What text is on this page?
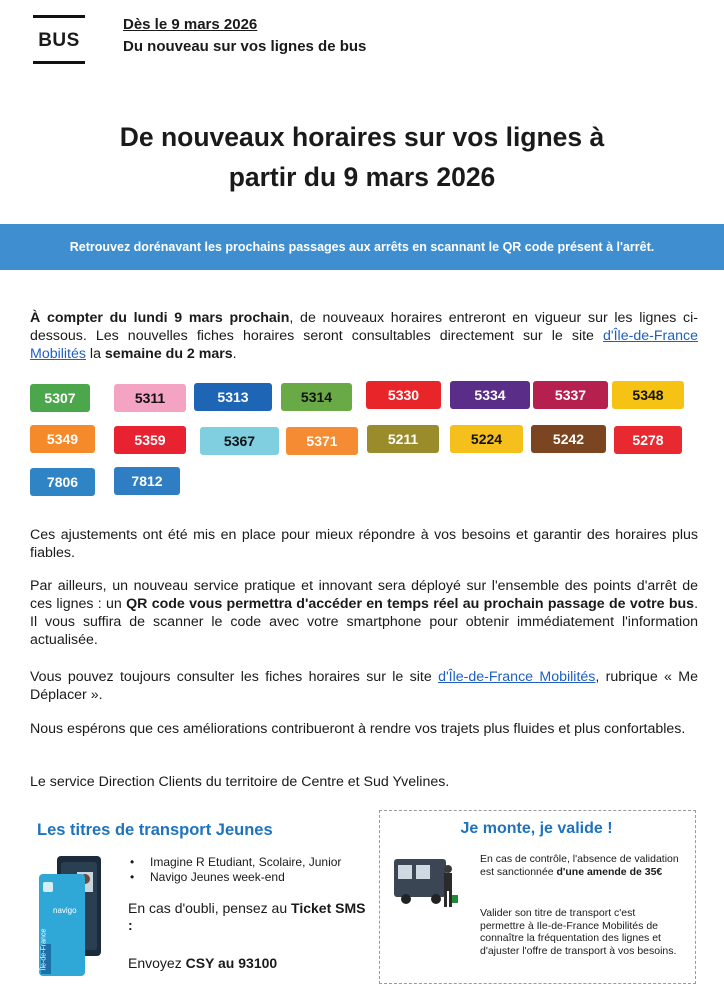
BUS
Dès le 9 mars 2026
Du nouveau sur vos lignes de bus
De nouveaux horaires sur vos lignes à
partir du 9 mars 2026
Retrouvez dorénavant les prochains passages aux arrêts en scannant le QR code présent à l'arrêt.
À compter du lundi 9 mars prochain, de nouveaux horaires entreront en vigueur sur les lignes ci-dessous. Les nouvelles fiches horaires seront consultables directement sur le site d'Île-de-France Mobilités la semaine du 2 mars.
5307	5311	5313	5314	5330	5334	5337	5348
5349	5359	5367	5371	5211	5224	5242	5278
7806	7812
Ces ajustements ont été mis en place pour mieux répondre à vos besoins et garantir des horaires plus fiables.
Par ailleurs, un nouveau service pratique et innovant sera déployé sur l'ensemble des points d'arrêt de ces lignes : un QR code vous permettra d'accéder en temps réel au prochain passage de votre bus. Il vous suffira de scanner le code avec votre smartphone pour obtenir immédiatement l'information actualisée.
Vous pouvez toujours consulter les fiches horaires sur le site d'Île-de-France Mobilités, rubrique « Me Déplacer ».
Nous espérons que ces améliorations contribueront à rendre vos trajets plus fluides et plus confortables.
Le service Direction Clients du territoire de Centre et Sud Yvelines.
Les titres de transport Jeunes
navigo
Île-de-France
• Imagine R Etudiant, Scolaire, Junior
• Navigo Jeunes week-end
En cas d'oubli, pensez au Ticket SMS :
Envoyez CSY au 93100
Je monte, je valide !
En cas de contrôle, l'absence de validation est sanctionnée d'une amende de 35€
Valider son titre de transport c'est permettre à Ile-de-France Mobilités de connaître la fréquentation des lignes et d'ajuster l'offre de transport à vos besoins.
